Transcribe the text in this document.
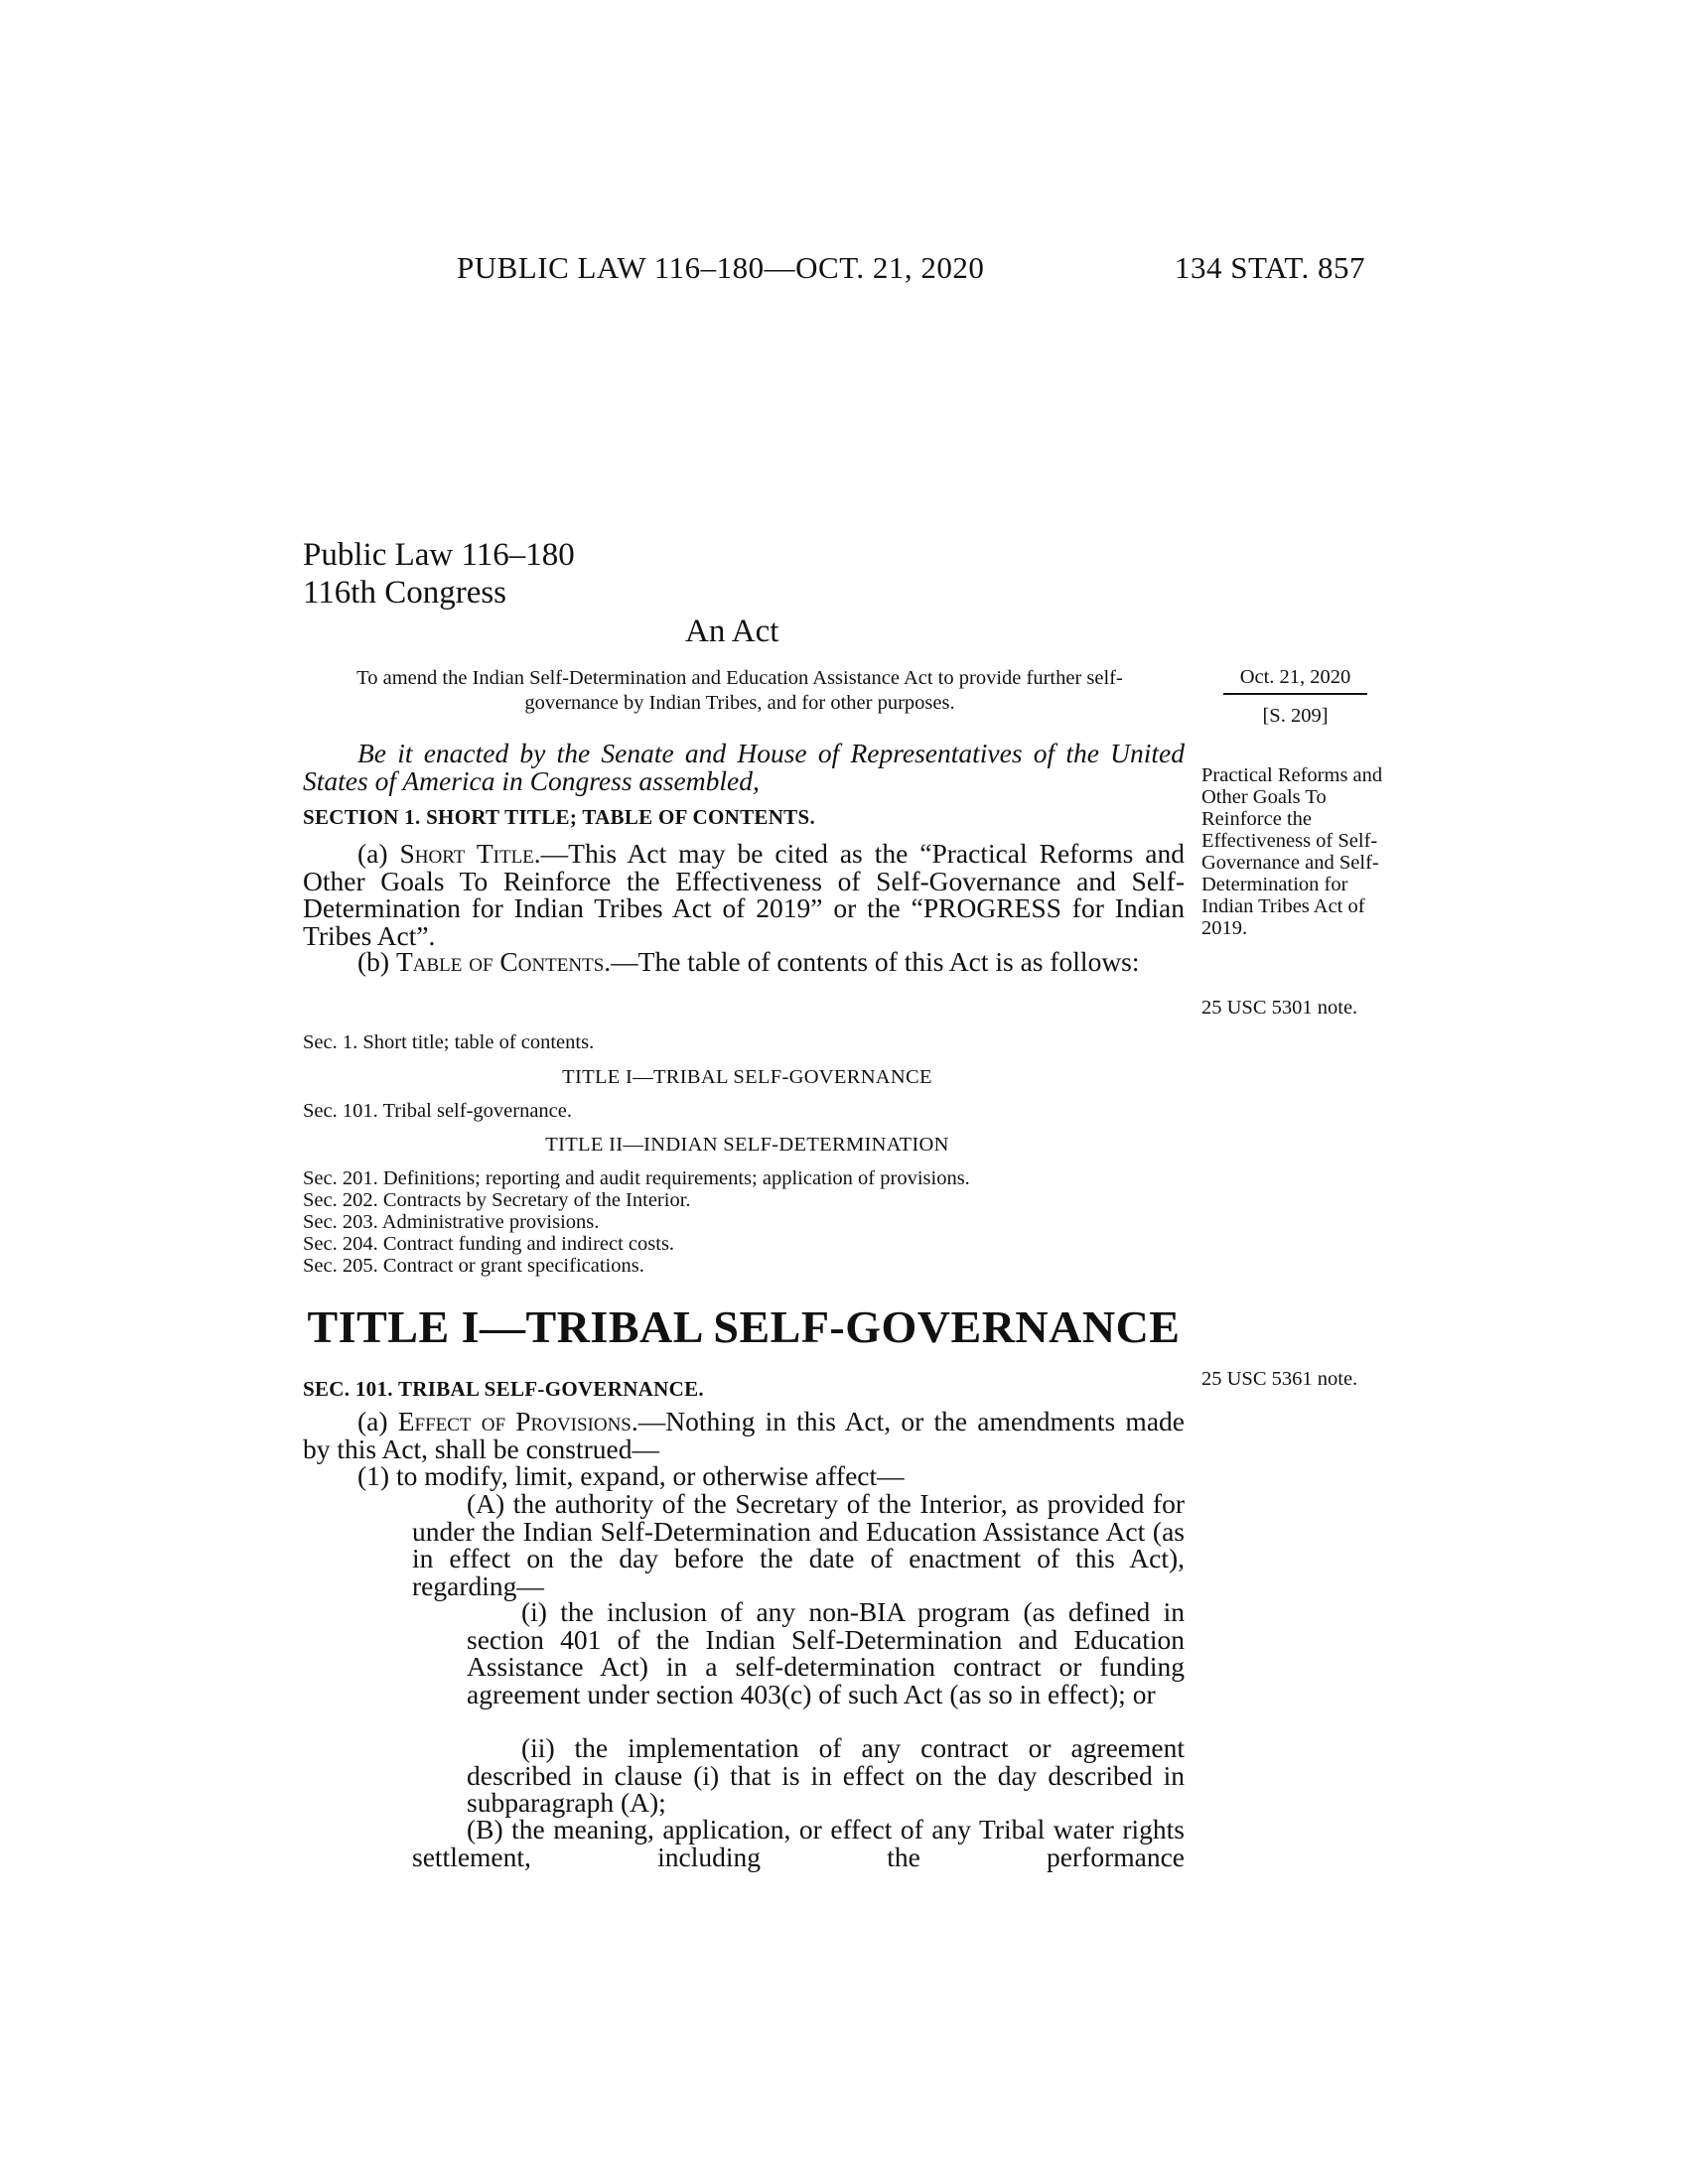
PUBLIC LAW 116–180—OCT. 21, 2020	134 STAT. 857
Public Law 116–180
116th Congress
An Act
To amend the Indian Self-Determination and Education Assistance Act to provide further self-governance by Indian Tribes, and for other purposes.
Oct. 21, 2020
[S. 209]
Be it enacted by the Senate and House of Representatives of the United States of America in Congress assembled,
SECTION 1. SHORT TITLE; TABLE OF CONTENTS.
(a) Short Title.—This Act may be cited as the “Practical Reforms and Other Goals To Reinforce the Effectiveness of Self-Governance and Self-Determination for Indian Tribes Act of 2019” or the “PROGRESS for Indian Tribes Act”.
(b) Table of Contents.—The table of contents of this Act is as follows:
Practical Reforms and Other Goals To Reinforce the Effectiveness of Self-Governance and Self-Determination for Indian Tribes Act of 2019.
25 USC 5301 note.
Sec. 1. Short title; table of contents.
TITLE I—TRIBAL SELF-GOVERNANCE
Sec. 101. Tribal self-governance.
TITLE II—INDIAN SELF-DETERMINATION
Sec. 201. Definitions; reporting and audit requirements; application of provisions.
Sec. 202. Contracts by Secretary of the Interior.
Sec. 203. Administrative provisions.
Sec. 204. Contract funding and indirect costs.
Sec. 205. Contract or grant specifications.
TITLE I—TRIBAL SELF-GOVERNANCE
SEC. 101. TRIBAL SELF-GOVERNANCE.	25 USC 5361 note.
(a) Effect of Provisions.—Nothing in this Act, or the amendments made by this Act, shall be construed—
(1) to modify, limit, expand, or otherwise affect—
(A) the authority of the Secretary of the Interior, as provided for under the Indian Self-Determination and Education Assistance Act (as in effect on the day before the date of enactment of this Act), regarding—
(i) the inclusion of any non-BIA program (as defined in section 401 of the Indian Self-Determination and Education Assistance Act) in a self-determination contract or funding agreement under section 403(c) of such Act (as so in effect); or
(ii) the implementation of any contract or agreement described in clause (i) that is in effect on the day described in subparagraph (A);
(B) the meaning, application, or effect of any Tribal water rights settlement, including the performance
